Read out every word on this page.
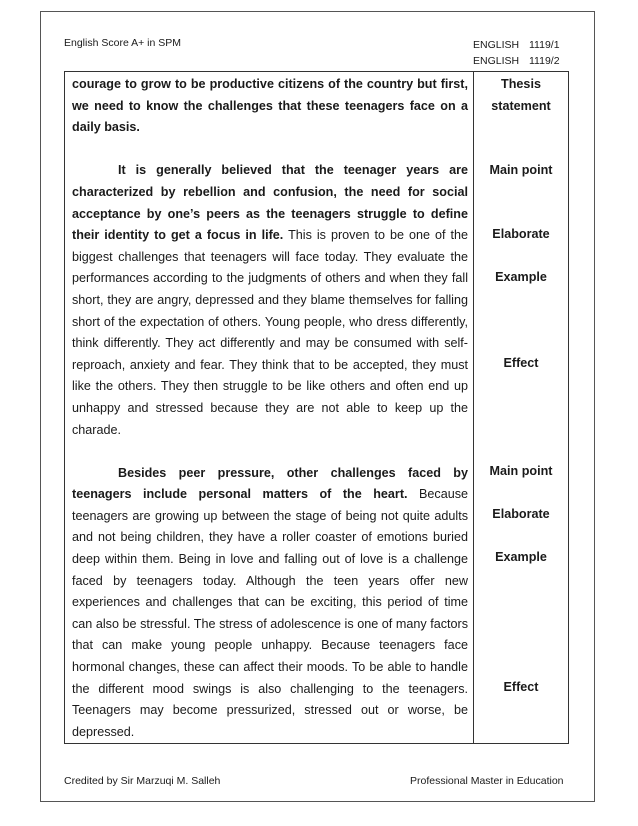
English Score A+ in SPM	ENGLISH 1119/1
ENGLISH 1119/2

courage to grow to be productive citizens of the country but first, we need to know the challenges that these teenagers face on a daily basis.

It is generally believed that the teenager years are characterized by rebellion and confusion, the need for social acceptance by one’s peers as the teenagers struggle to define their identity to get a focus in life. This is proven to be one of the biggest challenges that teenagers will face today. They evaluate the performances according to the judgments of others and when they fall short, they are angry, depressed and they blame themselves for falling short of the expectation of others. Young people, who dress differently, think differently. They act differently and may be consumed with self-reproach, anxiety and fear. They think that to be accepted, they must like the others. They then struggle to be like others and often end up unhappy and stressed because they are not able to keep up the charade.

Besides peer pressure, other challenges faced by teenagers include personal matters of the heart. Because teenagers are growing up between the stage of being not quite adults and not being children, they have a roller coaster of emotions buried deep within them. Being in love and falling out of love is a challenge faced by teenagers today. Although the teen years offer new experiences and challenges that can be exciting, this period of time can also be stressful. The stress of adolescence is one of many factors that can make young people unhappy. Because teenagers face hormonal changes, these can affect their moods. To be able to handle the different mood swings is also challenging to the teenagers. Teenagers may become pressurized, stressed out or worse, be depressed.

Thesis statement
Main point
Elaborate
Example
Effect
Main point
Elaborate
Example
Effect
Credited by Sir Marzuqi M. Salleh	Professional Master in Education
